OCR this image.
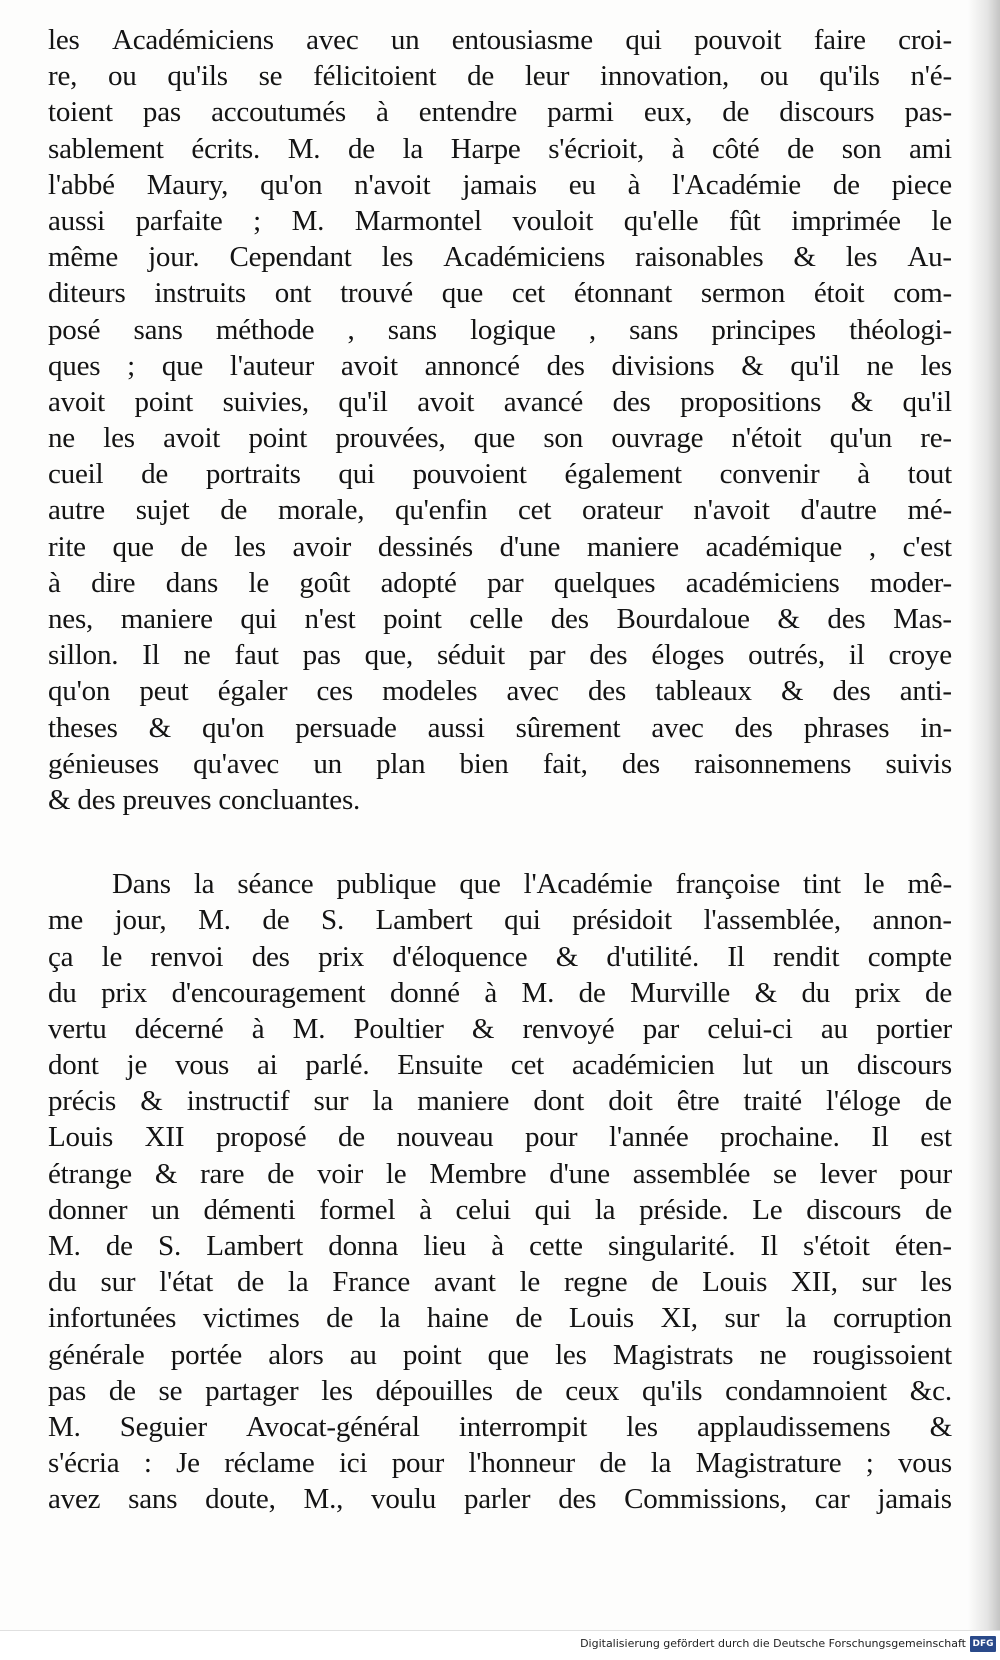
les Académiciens avec un entousiasme qui pouvoit faire croi-
re, ou qu'ils se félicitoient de leur innovation, ou qu'ils n'é-
toient pas accoutumés à entendre parmi eux, de discours pas-
sablement écrits. M. de la Harpe s'écrioit, à côté de son ami
l'abbé Maury, qu'on n'avoit jamais eu à l'Académie de piece
aussi parfaite ; M. Marmontel vouloit qu'elle fût imprimée le
même jour. Cependant les Académiciens raisonables & les Au-
diteurs instruits ont trouvé que cet étonnant sermon étoit com-
posé sans méthode , sans logique , sans principes théologi-
ques ; que l'auteur avoit annoncé des divisions & qu'il ne les
avoit point suivies, qu'il avoit avancé des propositions & qu'il
ne les avoit point prouvées, que son ouvrage n'étoit qu'un re-
cueil de portraits qui pouvoient également convenir à tout
autre sujet de morale, qu'enfin cet orateur n'avoit d'autre mé-
rite que de les avoir dessinés d'une maniere académique , c'est
à dire dans le goût adopté par quelques académiciens moder-
nes, maniere qui n'est point celle des Bourdaloue & des Mas-
sillon. Il ne faut pas que, séduit par des éloges outrés, il croye
qu'on peut égaler ces modeles avec des tableaux & des anti-
theses & qu'on persuade aussi sûrement avec des phrases in-
génieuses qu'avec un plan bien fait, des raisonnemens suivis
& des preuves concluantes.
Dans la séance publique que l'Académie françoise tint le mê-
me jour, M. de S. Lambert qui présidoit l'assemblée, annon-
ça le renvoi des prix d'éloquence & d'utilité. Il rendit compte
du prix d'encouragement donné à M. de Murville & du prix de
vertu décerné à M. Poultier & renvoyé par celui-ci au portier
dont je vous ai parlé. Ensuite cet académicien lut un discours
précis & instructif sur la maniere dont doit être traité l'éloge de
Louis XII proposé de nouveau pour l'année prochaine. Il est
étrange & rare de voir le Membre d'une assemblée se lever pour
donner un démenti formel à celui qui la préside. Le discours de
M. de S. Lambert donna lieu à cette singularité. Il s'étoit éten-
du sur l'état de la France avant le regne de Louis XII, sur les
infortunées victimes de la haine de Louis XI, sur la corruption
générale portée alors au point que les Magistrats ne rougissoient
pas de se partager les dépouilles de ceux qu'ils condamnoient &c.
M. Seguier Avocat-général interrompit les applaudissemens &
s'écria : Je réclame ici pour l'honneur de la Magistrature ; vous
avez sans doute, M., voulu parler des Commissions, car jamais
Digitalisierung gefördert durch die Deutsche Forschungsgemeinschaft DFG
